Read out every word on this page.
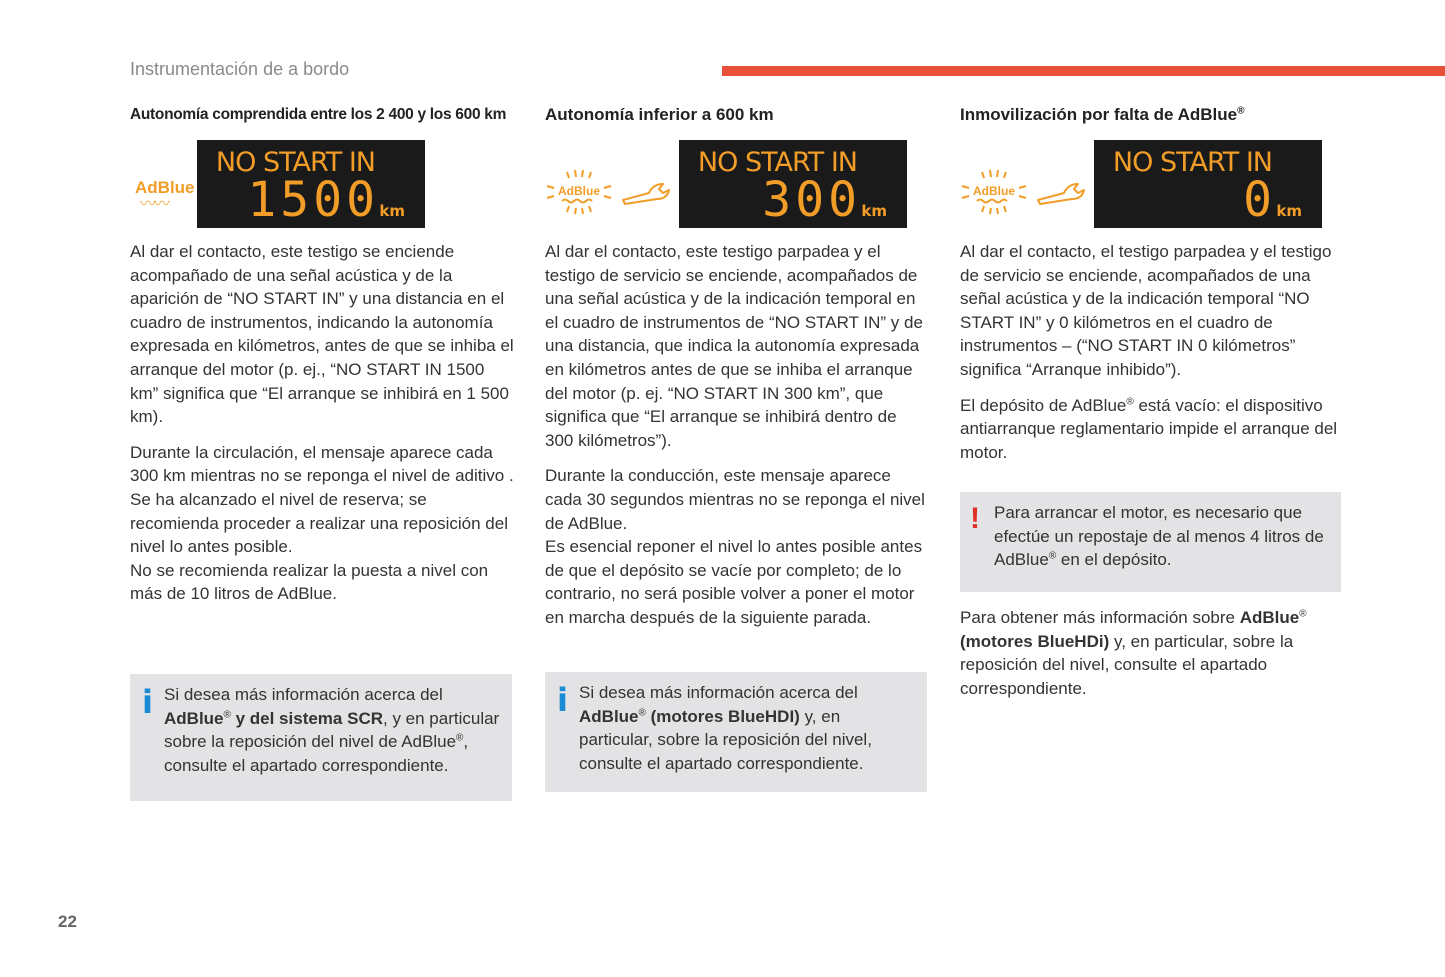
Instrumentación de a bordo
Autonomía comprendida entre los 2 400 y los 600 km
AdBlue
〰〰
NO START IN
1500 km

Al dar el contacto, este testigo se enciende acompañado de una señal acústica y de la aparición de “NO START IN” y una distancia en el cuadro de instrumentos, indicando la autonomía expresada en kilómetros, antes de que se inhiba el arranque del motor (p. ej., “NO START IN 1500 km” significa que “El arranque se inhibirá en 1 500 km).

Durante la circulación, el mensaje aparece cada 300 km mientras no se reponga el nivel de aditivo .
Se ha alcanzado el nivel de reserva; se recomienda proceder a realizar una reposición del nivel lo antes posible.
No se recomienda realizar la puesta a nivel con más de 10 litros de AdBlue.

i Si desea más información acerca del AdBlue® y del sistema SCR, y en particular sobre la reposición del nivel de AdBlue®, consulte el apartado correspondiente.
Autonomía inferior a 600 km
AdBlue
NO START IN
300 km

Al dar el contacto, este testigo parpadea y el testigo de servicio se enciende, acompañados de una señal acústica y de la indicación temporal en el cuadro de instrumentos de “NO START IN” y de una distancia, que indica la autonomía expresada en kilómetros antes de que se inhiba el arranque del motor (p. ej. “NO START IN 300 km”, que significa que “El arranque se inhibirá dentro de 300 kilómetros”).

Durante la conducción, este mensaje aparece cada 30 segundos mientras no se reponga el nivel de AdBlue.
Es esencial reponer el nivel lo antes posible antes de que el depósito se vacíe por completo; de lo contrario, no será posible volver a poner el motor en marcha después de la siguiente parada.

i Si desea más información acerca del AdBlue® (motores BlueHDI) y, en particular, sobre la reposición del nivel, consulte el apartado correspondiente.
Inmovilización por falta de AdBlue®
AdBlue
NO START IN
0 km

Al dar el contacto, el testigo parpadea y el testigo de servicio se enciende, acompañados de una señal acústica y de la indicación temporal “NO START IN” y 0 kilómetros en el cuadro de instrumentos – (“NO START IN 0 kilómetros” significa “Arranque inhibido”).

El depósito de AdBlue® está vacío: el dispositivo antiarranque reglamentario impide el arranque del motor.

! Para arrancar el motor, es necesario que efectúe un repostaje de al menos 4 litros de AdBlue® en el depósito.

Para obtener más información sobre AdBlue® (motores BlueHDi) y, en particular, sobre la reposición del nivel, consulte el apartado correspondiente.

22
